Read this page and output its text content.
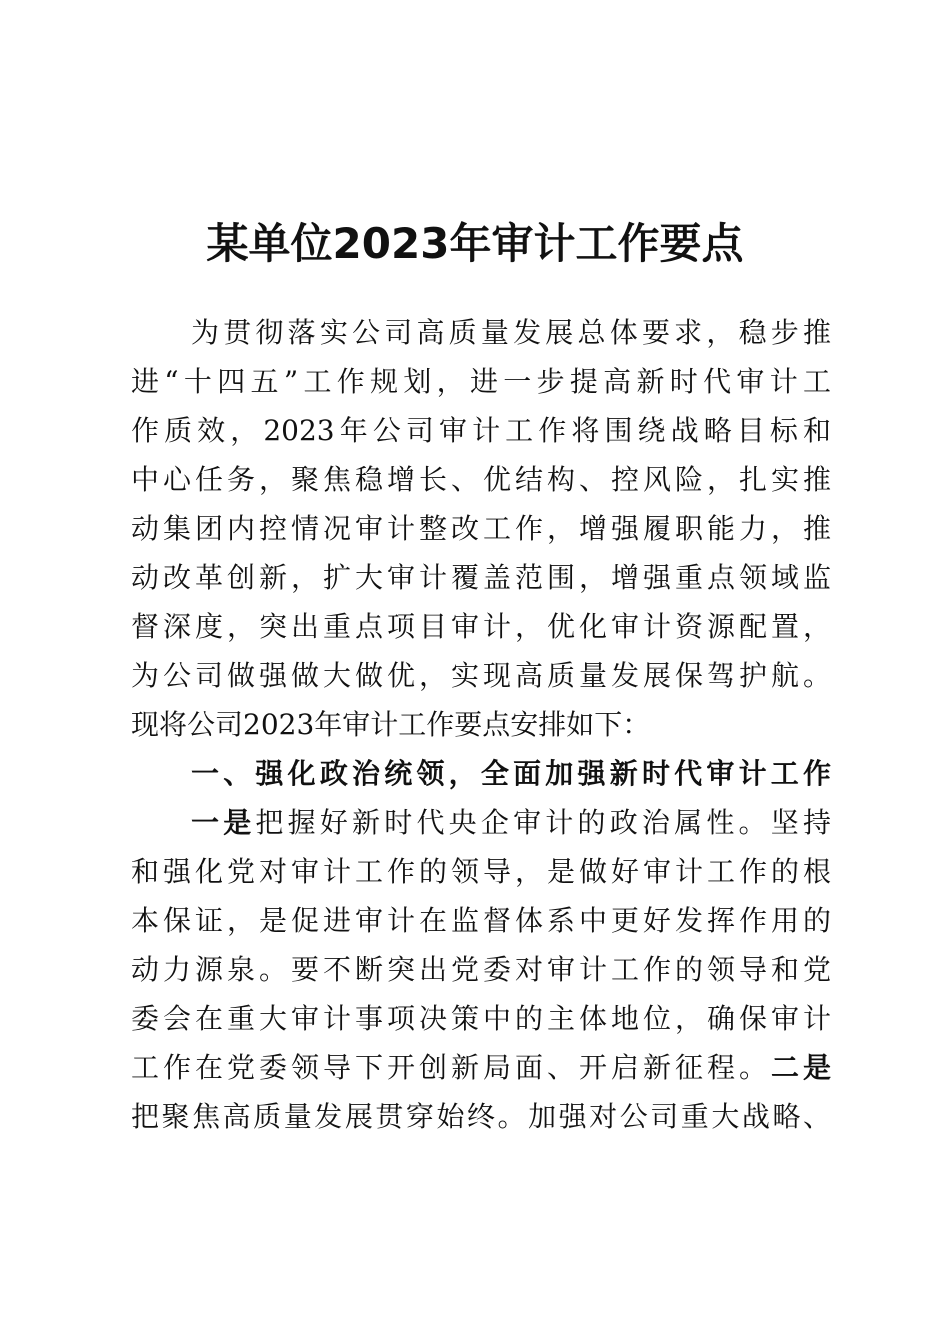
某单位2023年审计工作要点
为贯彻落实公司高质量发展总体要求，稳步推
进“十四五”工作规划，进一步提高新时代审计工
作质效，2023年公司审计工作将围绕战略目标和
中心任务，聚焦稳增长、优结构、控风险，扎实推
动集团内控情况审计整改工作，增强履职能力，推
动改革创新，扩大审计覆盖范围，增强重点领域监
督深度，突出重点项目审计，优化审计资源配置，
为公司做强做大做优，实现高质量发展保驾护航。
现将公司2023年审计工作要点安排如下：
一、强化政治统领，全面加强新时代审计工作
一是把握好新时代央企审计的政治属性。坚持
和强化党对审计工作的领导，是做好审计工作的根
本保证，是促进审计在监督体系中更好发挥作用的
动力源泉。要不断突出党委对审计工作的领导和党
委会在重大审计事项决策中的主体地位，确保审计
工作在党委领导下开创新局面、开启新征程。二是
把聚焦高质量发展贯穿始终。加强对公司重大战略、
